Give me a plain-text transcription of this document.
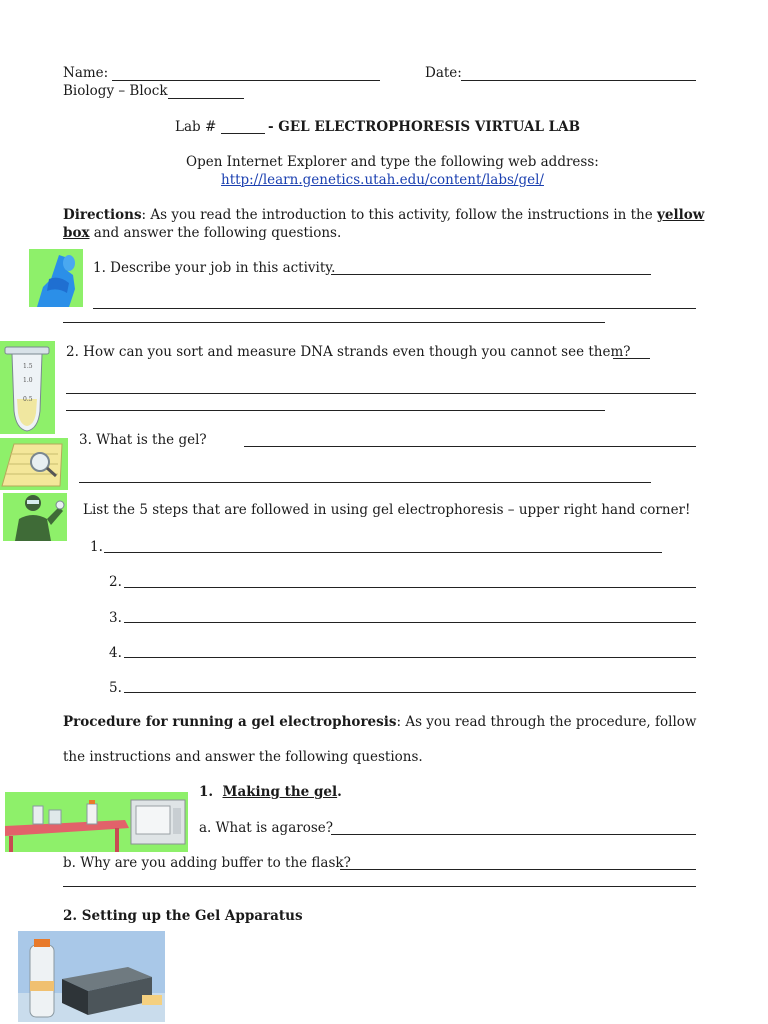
Name:	Date:
Biology – Block
Lab #	- GEL ELECTROPHORESIS VIRTUAL LAB
Open Internet Explorer and type the following web address:
http://learn.genetics.utah.edu/content/labs/gel/
Directions: As you read the introduction to this activity, follow the instructions in the yellow
box and answer the following questions.
1. Describe your job in this activity.
1.5
1.0
0.5
2. How can you sort and measure DNA strands even though you cannot see them?
3. What is the gel?
List the 5 steps that are followed in using gel electrophoresis – upper right hand corner!
1.
2.
3.
4.
5.
Procedure for running a gel electrophoresis: As you read through the procedure, follow
the instructions and answer the following questions.
1. Making the gel.
a. What is agarose?
b. Why are you adding buffer to the flask?
2. Setting up the Gel Apparatus
